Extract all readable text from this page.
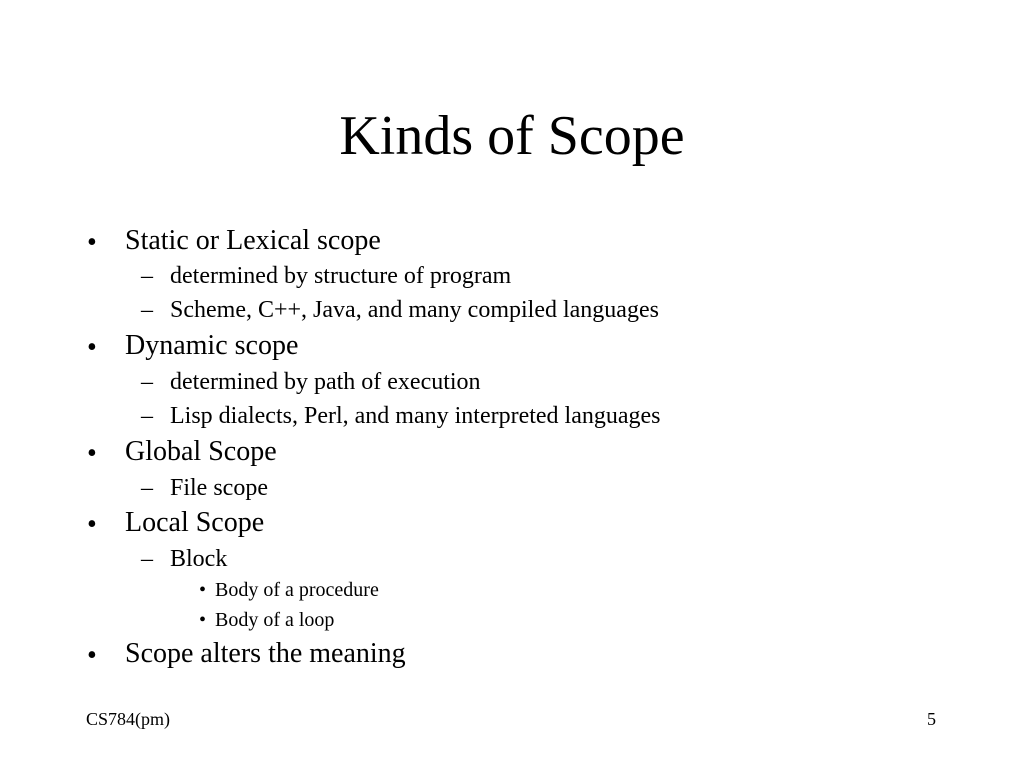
Kinds of Scope
• Static or Lexical scope
– determined by structure of program
– Scheme, C++, Java, and many compiled languages
• Dynamic scope
– determined by path of execution
– Lisp dialects, Perl, and many interpreted languages
• Global Scope
– File scope
• Local Scope
– Block
• Body of a procedure
• Body of a loop
• Scope alters the meaning
CS784(pm)	5
